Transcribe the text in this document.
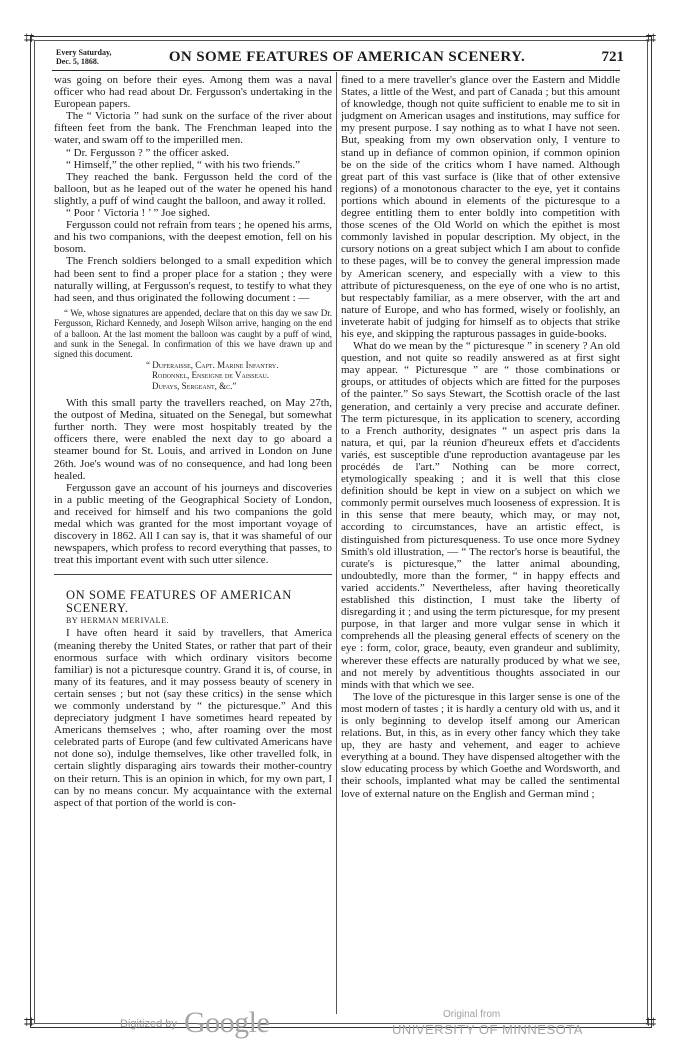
⌗	⌗
⌗	⌗
Every Saturday,
Dec. 5, 1868.	ON SOME FEATURES OF AMERICAN SCENERY.	721

was going on before their eyes. Among them was a naval officer who had read about Dr. Fergusson's undertaking in the European papers.

The “ Victoria ” had sunk on the surface of the river about fifteen feet from the bank. The Frenchman leaped into the water, and swam off to the imperilled men.

“ Dr. Fergusson ? ” the officer asked.

“ Himself,” the other replied, “ with his two friends.”

They reached the bank. Fergusson held the cord of the balloon, but as he leaped out of the water he opened his hand slightly, a puff of wind caught the balloon, and away it rolled.

“ Poor ‘ Victoria ! ’ ” Joe sighed.

Fergusson could not refrain from tears ; he opened his arms, and his two companions, with the deepest emotion, fell on his bosom.

The French soldiers belonged to a small expedition which had been sent to find a proper place for a station ; they were naturally willing, at Fergusson's request, to testify to what they had seen, and thus originated the following document : —

“ We, whose signatures are appended, declare that on this day we saw Dr. Fergusson, Richard Kennedy, and Joseph Wilson arrive, hanging on the end of a balloon. At the last moment the balloon was caught by a puff of wind, and sunk in the Senegal. In confirmation of this we have drawn up and signed this document.

“ Duferaisse, Capt. Marine Infantry.
Rodonnel, Enseigne de Vaisseau.
Dufays, Sergeant, &c.”

With this small party the travellers reached, on May 27th, the outpost of Medina, situated on the Senegal, but somewhat further north. They were most hospitably treated by the officers there, were enabled the next day to go aboard a steamer bound for St. Louis, and arrived in London on June 26th. Joe's wound was of no consequence, and had long been healed.

Fergusson gave an account of his journeys and discoveries in a public meeting of the Geographical Society of London, and received for himself and his two companions the gold medal which was granted for the most important voyage of discovery in 1862. All I can say is, that it was shameful of our newspapers, which profess to record everything that passes, to treat this important event with such utter silence.

ON SOME FEATURES OF AMERICAN

SCENERY.

BY HERMAN MERIVALE.

I have often heard it said by travellers, that America (meaning thereby the United States, or rather that part of their enormous surface with which ordinary visitors become familiar) is not a picturesque country. Grand it is, of course, in many of its features, and it may possess beauty of scenery in certain senses ; but not (say these critics) in the sense which we commonly understand by “ the picturesque.” And this depreciatory judgment I have sometimes heard repeated by Americans themselves ; who, after roaming over the most celebrated parts of Europe (and few cultivated Americans have not done so), indulge themselves, like other travelled folk, in certain slightly disparaging airs towards their mother-country on their return. This is an opinion in which, for my own part, I can by no means concur. My acquaintance with the external aspect of that portion of the world is con-

fined to a mere traveller's glance over the Eastern and Middle States, a little of the West, and part of Canada ; but this amount of knowledge, though not quite sufficient to enable me to sit in judgment on American usages and institutions, may suffice for my present purpose. I say nothing as to what I have not seen. But, speaking from my own observation only, I venture to stand up in defiance of common opinion, if common opinion be on the side of the critics whom I have named. Although great part of this vast surface is (like that of other extensive regions) of a monotonous character to the eye, yet it contains portions which abound in elements of the picturesque to a degree entitling them to enter boldly into competition with those scenes of the Old World on which the epithet is most commonly lavished in popular description. My object, in the cursory notions on a great subject which I am about to confide to these pages, will be to convey the general impression made by American scenery, and especially with a view to this attribute of picturesqueness, on the eye of one who is no artist, but respectably familiar, as a mere observer, with the art and nature of Europe, and who has formed, wisely or foolishly, an inveterate habit of judging for himself as to objects that strike his eye, and skipping the rapturous passages in guide-books.

What do we mean by the “ picturesque ” in scenery ? An old question, and not quite so readily answered as at first sight may appear. “ Picturesque ” are “ those combinations or groups, or attitudes of objects which are fitted for the purposes of the painter.” So says Stewart, the Scottish oracle of the last generation, and certainly a very precise and accurate definer. The term picturesque, in its application to scenery, according to a French authority, designates “ un aspect pris dans la natura, et qui, par la réunion d'heureux effets et d'accidents variés, est susceptible d'une reproduction avantageuse par les procédés de l'art.” Nothing can be more correct, etymologically speaking ; and it is well that this close definition should be kept in view on a subject on which we commonly permit ourselves much looseness of expression. It is in this sense that mere beauty, which may, or may not, according to circumstances, have an artistic effect, is distinguished from picturesqueness. To use once more Sydney Smith's old illustration, — “ The rector's horse is beautiful, the curate's is picturesque,” the latter animal abounding, undoubtedly, more than the former, “ in happy effects and varied accidents.” Nevertheless, after having theoretically established this distinction, I must take the liberty of disregarding it ; and using the term picturesque, for my present purpose, in that larger and more vulgar sense in which it comprehends all the pleasing general effects of scenery on the eye : form, color, grace, beauty, even grandeur and sublimity, wherever these effects are naturally produced by what we see, and not merely by adventitious thoughts associated in our minds with that which we see.

The love of the picturesque in this larger sense is one of the most modern of tastes ; it is hardly a century old with us, and it is only beginning to develop itself among our American relations. But, in this, as in every other fancy which they take up, they are hasty and vehement, and eager to achieve everything at a bound. They have dispensed altogether with the slow educating process by which Goethe and Wordsworth, and their schools, implanted what may be called the sentimental love of external nature on the English and German mind ;

Digitized by Google	Original from
UNIVERSITY OF MINNESOTA
